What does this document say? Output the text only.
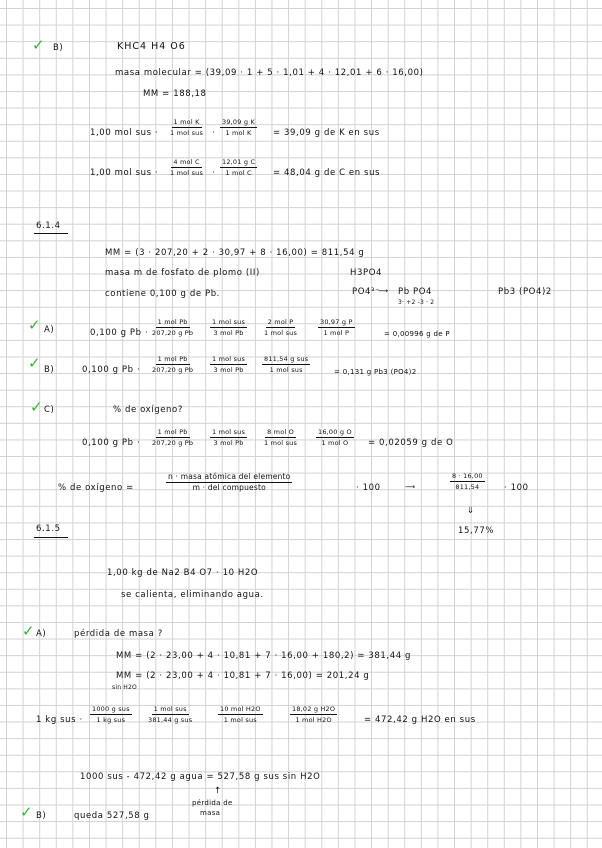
✓ B)	KHC4 H4 O6
masa molecular = (39,09 · 1 + 5 · 1,01 + 4 · 12,01 + 6 · 16,00)
MM = 188,18
1,00 mol sus ·
1 mol K
1 mol sus ·
39,09 g K
1 mol K	= 39,09 g de K en sus
1,00 mol sus ·
4 mol C
1 mol sus ·
12,01 g C
1 mol C = 48,04 g de C en sus
6.1.4
MM = (3 · 207,20 + 2 · 30,97 + 8 · 16,00) = 811,54 g
masa m de fosfato de plomo (II)	H3PO4
contiene 0,100 g de Pb.	PO4³⁻
⟶ Pb PO4
3· +2 -3 · 2
Pb3 (PO4)2
✓ A)	0,100 g Pb ·
1 mol Pb
207,20 g Pb
1 mol sus
3 mol Pb
2 mol P
1 mol sus
30,97 g P
1 mol P	= 0,00996 g de P
✓ B)	0,100 g Pb ·
1 mol Pb
207,20 g Pb
1 mol sus
3 mol Pb
811,54 g sus
1 mol sus	= 0,131 g Pb3 (PO4)2
✓ C)	% de oxígeno?
0,100 g Pb ·
1 mol Pb
207,20 g Pb
1 mol sus
3 mol Pb
8 mol O
1 mol sus
16,00 g O
1 mol O = 0,02059 g de O
% de oxígeno =
n · masa atómica del elemento
m · del compuesto	· 100	⟶	$\frac{8 \cdot 16,00}{811,54} \cdot 100$
⇓
15,77%
6.1.5
1,00 kg de Na2 B4 O7 · 10 H2O
se calienta, eliminando agua.
✓ A)	pérdida de masa ?
MM = (2 · 23,00 + 4 · 10,81 + 7 · 16,00 + 180,2) = 381,44 g
MM = (2 · 23,00 + 4 · 10,81 + 7 · 16,00) = 201,24 g
sin H2O
1 kg sus ·
1000 g sus
1 kg sus
1 mol sus
381,44 g sus
10 mol H2O
1 mol sus
18,02 g H2O
1 mol H2O	= 472,42 g H2O en sus
1000 sus - 472,42 g agua = 527,58 g sus sin H2O
↑
✓ B)	queda 527,58 g
pérdida de
masa
